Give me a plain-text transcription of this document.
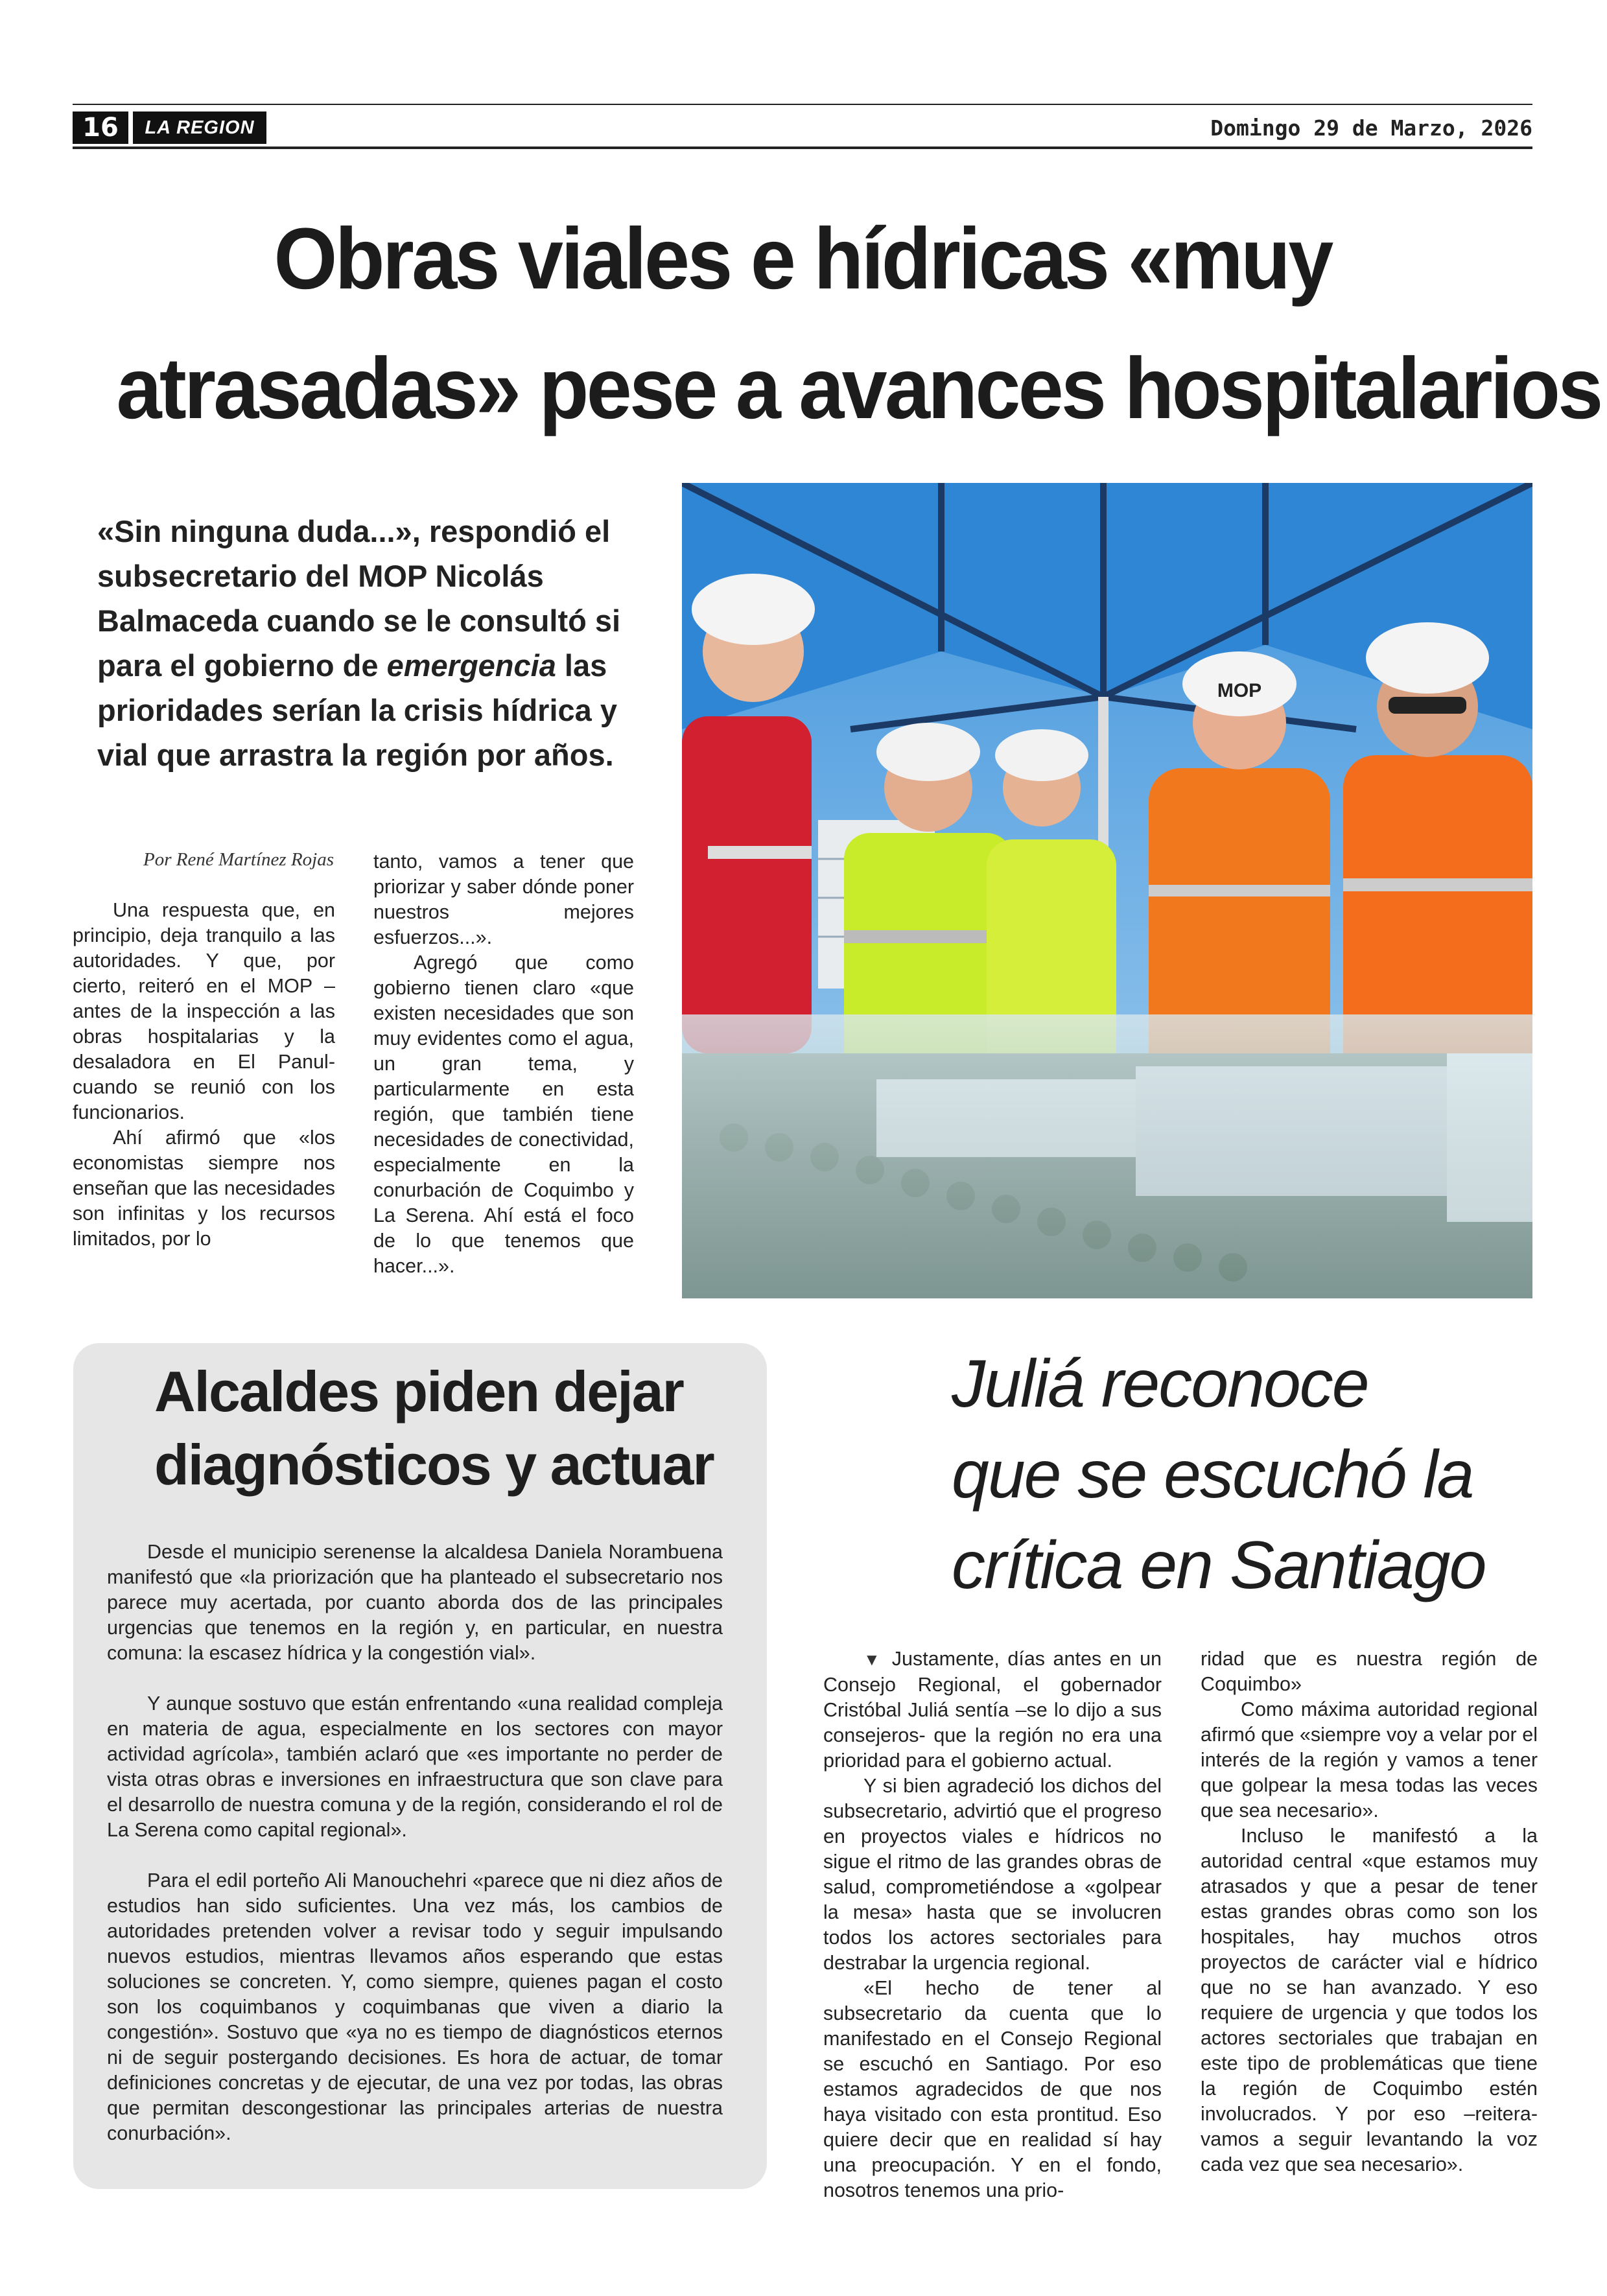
16	LA REGION	Domingo 29 de Marzo, 2026
Obras viales e hídricas «muy
atrasadas» pese a avances hospitalarios
«Sin ninguna duda...», respondió el subsecretario del MOP Nicolás Balmaceda cuando se le consultó si para el gobierno de emergencia las prioridades serían la crisis hídrica y vial que arrastra la región por años.
Por René Martínez Rojas

Una respuesta que, en principio, deja tranquilo a las autoridades. Y que, por cierto, reiteró en el MOP –antes de la inspección a las obras hospitalarias y la desaladora en El Panul- cuando se reunió con los funcionarios.

Ahí afirmó que «los economistas siempre nos enseñan que las necesidades son infinitas y los recursos limitados, por lo

tanto, vamos a tener que priorizar y saber dónde poner nuestros mejores esfuerzos...».

Agregó que como gobierno tienen claro «que existen necesidades que son muy evidentes como el agua, un gran tema, y particularmente en esta región, que también tiene necesidades de conectividad, especialmente en la conurbación de Coquimbo y La Serena. Ahí está el foco de lo que tenemos que hacer...».

MOP
Alcaldes piden dejar diagnósticos y actuar

Desde el municipio serenense la alcaldesa Daniela Norambuena manifestó que «la priorización que ha planteado el subsecretario nos parece muy acertada, por cuanto aborda dos de las principales urgencias que tenemos en la región y, en particular, en nuestra comuna: la escasez hídrica y la congestión vial».

Y aunque sostuvo que están enfrentando «una realidad compleja en materia de agua, especialmente en los sectores con mayor actividad agrícola», también aclaró que «es importante no perder de vista otras obras e inversiones en infraestructura que son clave para el desarrollo de nuestra comuna y de la región, considerando el rol de La Serena como capital regional».

Para el edil porteño Ali Manouchehri «parece que ni diez años de estudios han sido suficientes. Una vez más, los cambios de autoridades pretenden volver a revisar todo y seguir impulsando nuevos estudios, mientras llevamos años esperando que estas soluciones se concreten. Y, como siempre, quienes pagan el costo son los coquimbanos y coquimbanas que viven a diario la congestión». Sostuvo que «ya no es tiempo de diagnósticos eternos ni de seguir postergando decisiones. Es hora de actuar, de tomar definiciones concretas y de ejecutar, de una vez por todas, las obras que permitan descongestionar las principales arterias de nuestra conurbación».

Juliá reconoce
que se escuchó la
crítica en Santiago

▼ Justamente, días antes en un Consejo Regional, el gobernador Cristóbal Juliá sentía –se lo dijo a sus consejeros- que la región no era una prioridad para el gobierno actual.

Y si bien agradeció los dichos del subsecretario, advirtió que el progreso en proyectos viales e hídricos no sigue el ritmo de las grandes obras de salud, comprometiéndose a «golpear la mesa» hasta que se involucren todos los actores sectoriales para destrabar la urgencia regional.

«El hecho de tener al subsecretario da cuenta que lo manifestado en el Consejo Regional se escuchó en Santiago. Por eso estamos agradecidos de que nos haya visitado con esta prontitud. Eso quiere decir que en realidad sí hay una preocupación. Y en el fondo, nosotros tenemos una prio-

ridad que es nuestra región de Coquimbo»

Como máxima autoridad regional afirmó que «siempre voy a velar por el interés de la región y vamos a tener que golpear la mesa todas las veces que sea necesario».

Incluso le manifestó a la autoridad central «que estamos muy atrasados y que a pesar de tener estas grandes obras como son los hospitales, hay muchos otros proyectos de carácter vial e hídrico que no se han avanzado. Y eso requiere de urgencia y que todos los actores sectoriales que trabajan en este tipo de problemáticas que tiene la región de Coquimbo estén involucrados. Y por eso –reitera- vamos a seguir levantando la voz cada vez que sea necesario».
